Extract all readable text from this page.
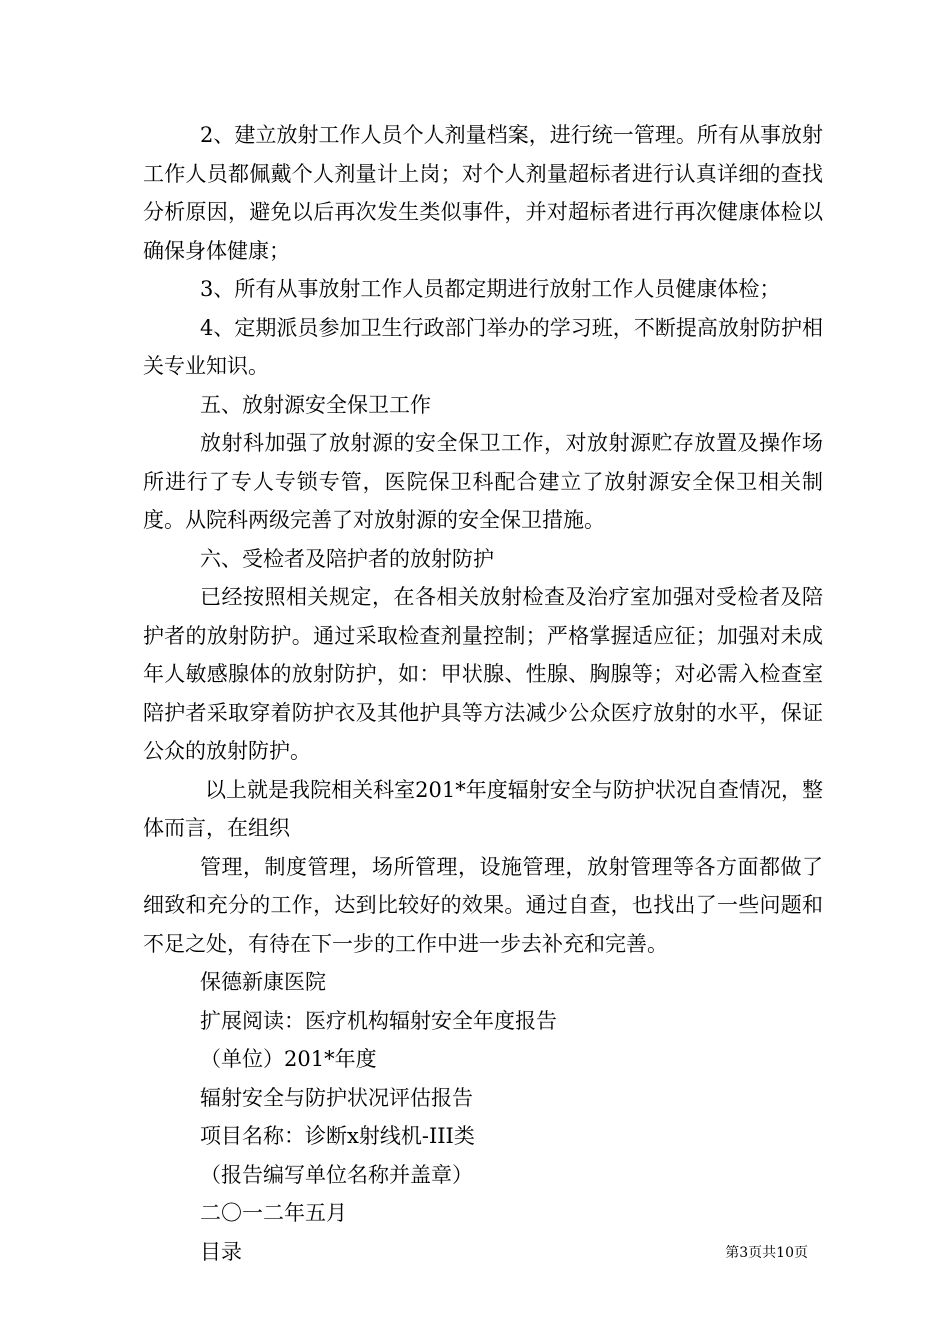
2、建立放射工作人员个人剂量档案，进行统一管理。所有从事放射工作人员都佩戴个人剂量计上岗；对个人剂量超标者进行认真详细的查找分析原因，避免以后再次发生类似事件，并对超标者进行再次健康体检以确保身体健康；

3、所有从事放射工作人员都定期进行放射工作人员健康体检；

4、定期派员参加卫生行政部门举办的学习班，不断提高放射防护相关专业知识。

五、放射源安全保卫工作

放射科加强了放射源的安全保卫工作，对放射源贮存放置及操作场所进行了专人专锁专管，医院保卫科配合建立了放射源安全保卫相关制度。从院科两级完善了对放射源的安全保卫措施。

六、受检者及陪护者的放射防护

已经按照相关规定，在各相关放射检查及治疗室加强对受检者及陪护者的放射防护。通过采取检查剂量控制；严格掌握适应征；加强对未成年人敏感腺体的放射防护，如：甲状腺、性腺、胸腺等；对必需入检查室陪护者采取穿着防护衣及其他护具等方法减少公众医疗放射的水平，保证公众的放射防护。

以上就是我院相关科室201*年度辐射安全与防护状况自查情况，整体而言，在组织

管理，制度管理，场所管理，设施管理，放射管理等各方面都做了细致和充分的工作，达到比较好的效果。通过自查，也找出了一些问题和不足之处，有待在下一步的工作中进一步去补充和完善。

保德新康医院

扩展阅读：医疗机构辐射安全年度报告

（单位）201*年度

辐射安全与防护状况评估报告

项目名称：诊断x射线机-III类

（报告编写单位名称并盖章）

二〇一二年五月

目录	第3页共10页
